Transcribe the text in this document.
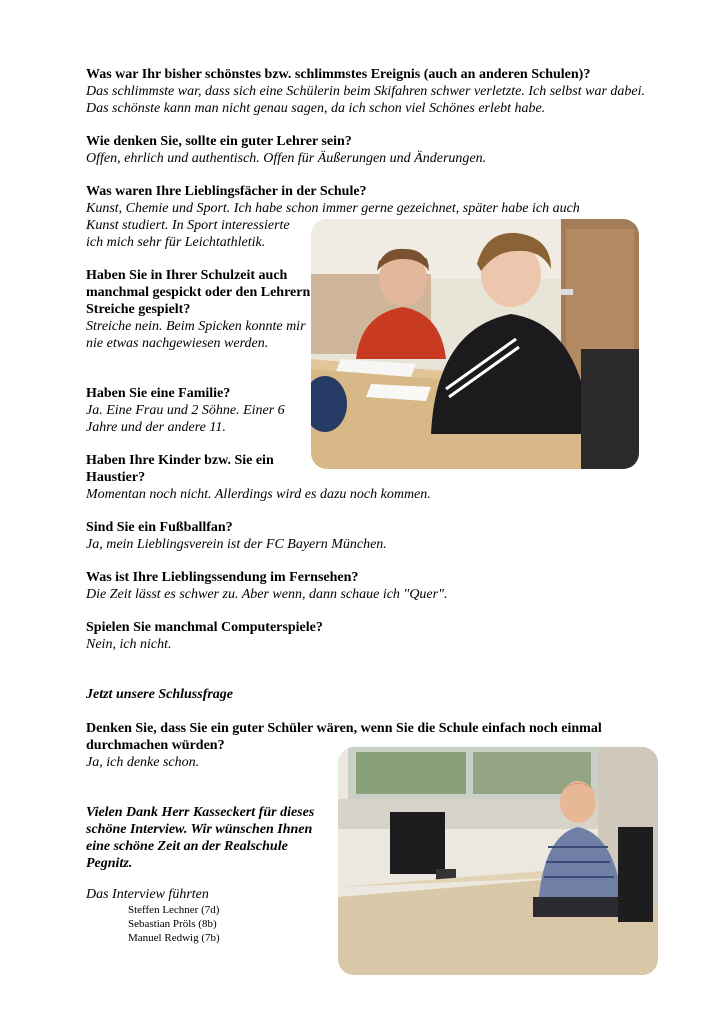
Was war Ihr bisher schönstes bzw. schlimmstes Ereignis (auch an anderen Schulen)?
Das schlimmste war, dass sich eine Schülerin beim Skifahren schwer verletzte. Ich selbst war dabei. Das schönste kann man nicht genau sagen, da ich schon viel Schönes erlebt habe.
Wie denken Sie, sollte ein guter Lehrer sein?
Offen, ehrlich und authentisch. Offen für Äußerungen und Änderungen.
Was waren Ihre Lieblingsfächer in der Schule?
Kunst, Chemie und Sport. Ich habe schon immer gerne gezeichnet, später habe ich auch
Kunst studiert. In Sport interessierte
ich mich sehr für Leichtathletik.
Haben Sie in Ihrer Schulzeit auch manchmal gespickt oder den Lehrern Streiche gespielt?
Streiche nein. Beim Spicken konnte mir nie etwas nachgewiesen werden.
Haben Sie eine Familie?
Ja. Eine Frau und 2 Söhne. Einer 6 Jahre und der andere 11.
Haben Ihre Kinder bzw. Sie ein Haustier?
Momentan noch nicht. Allerdings wird es dazu noch kommen.
Sind Sie ein Fußballfan?
Ja, mein Lieblingsverein ist der FC Bayern München.
Was ist Ihre Lieblingssendung im Fernsehen?
Die Zeit lässt es schwer zu. Aber wenn, dann schaue ich "Quer".
Spielen Sie manchmal Computerspiele?
Nein, ich nicht.
Jetzt unsere Schlussfrage
Denken Sie, dass Sie ein guter Schüler wären, wenn Sie die Schule einfach noch einmal durchmachen würden?
Ja, ich denke schon.
Vielen Dank Herr Kasseckert für dieses schöne Interview. Wir wünschen Ihnen eine schöne Zeit an der Realschule Pegnitz.
Das Interview führten
Steffen Lechner (7d)
Sebastian Pröls (8b)
Manuel Redwig (7b)
